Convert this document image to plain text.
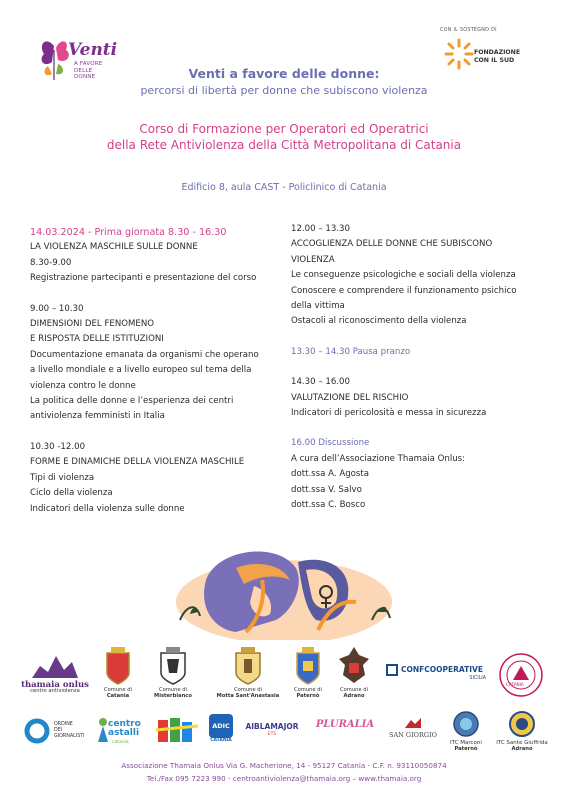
Venti
A FAVORE DELLE DONNE
CON IL SOSTEGNO DI
FONDAZIONE
CON IL SUD
Venti a favore delle donne:
percorsi di libertà per donne che subiscono violenza
Corso di Formazione per Operatori ed Operatrici
della Rete Antiviolenza della Città Metropolitana di Catania
Edificio 8, aula CAST - Policlinico di Catania
14.03.2024 - Prima giornata 8.30 - 16.30
LA VIOLENZA MASCHILE SULLE DONNE
8.30-9.00
Registrazione partecipanti e presentazione del corso
9.00 – 10.30
DIMENSIONI DEL FENOMENO
E RISPOSTA DELLE ISTITUZIONI
Documentazione emanata da organismi che operano
a livello mondiale e a livello europeo sul tema della
violenza contro le donne
La politica delle donne e l’esperienza dei centri
antiviolenza femministi in Italia
10.30 -12.00
FORME E DINAMICHE DELLA VIOLENZA MASCHILE
Tipi di violenza
Ciclo della violenza
Indicatori della violenza sulle donne
12.00 – 13.30
ACCOGLIENZA DELLE DONNE CHE SUBISCONO
VIOLENZA
Le conseguenze psicologiche e sociali della violenza
Conoscere e comprendere il funzionamento psichico
della vittima
Ostacoli al riconoscimento della violenza
13.30 – 14.30 Pausa pranzo
14.30 – 16.00
VALUTAZIONE DEL RISCHIO
Indicatori di pericolosità e messa in sicurezza
16.00 Discussione
A cura dell’Associazione Thamaia Onlus:
dott.ssa A. Agosta
dott.ssa V. Salvo
dott.ssa C. Bosco
thamaia onlus
centro antiviolenza	Comune di
Catania
Comune di
Misterbianco
Comune di
Motta Sant'Anastasia
Comune di
Paternò
Comune di
Adrano
CONFCOOPERATIVE
SICILIA
CATANIA
ORDINE
DEI
GIORNALISTI
centro astalli
catania
ADIC
CATANIA
AIBLAMAJOR ETS
PLURALIA
SAN GIORGIO
ITC Marconi
Paternò
ITC Sante Giuffrida
Adrano
Associazione Thamaia Onlus Via G. Macherione, 14 - 95127 Catania - C.F. n. 93110050874
Tel./Fax 095 7223 990 - centroantiviolenza@thamaia.org – www.thamaia.org
